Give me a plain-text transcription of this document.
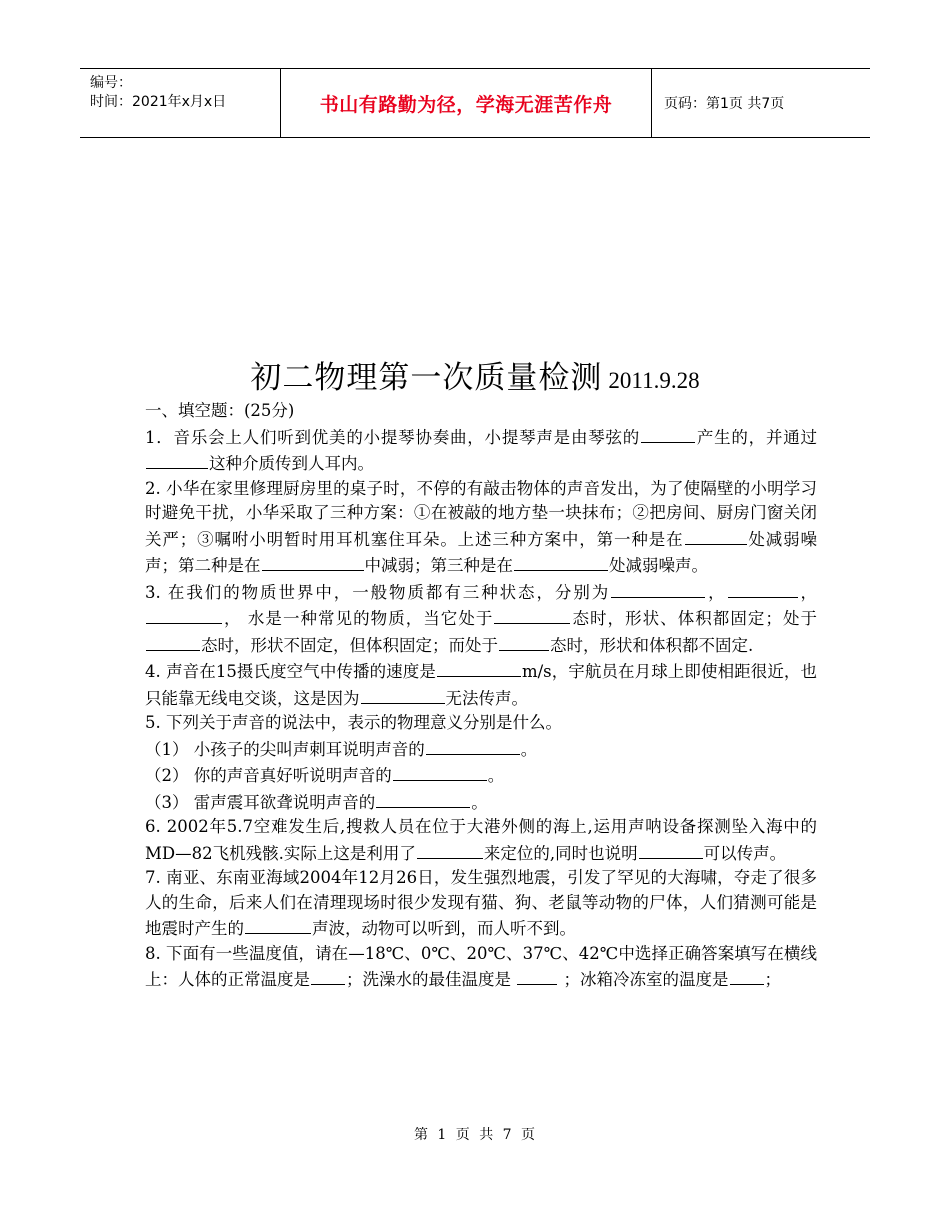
编号：
时间：2021年x月x日	书山有路勤为径，学海无涯苦作舟	页码：第1页 共7页
初二物理第一次质量检测 2011.9.28

一、填空题：(25分)

1．音乐会上人们听到优美的小提琴协奏曲，小提琴声是由琴弦的	产生的，并通过这种介质传到人耳内。

2. 小华在家里修理厨房里的桌子时，不停的有敲击物体的声音发出，为了使隔壁的小明学习时避免干扰，小华采取了三种方案：①在被敲的地方垫一块抹布；②把房间、厨房门窗关闭关严；③嘱咐小明暂时用耳机塞住耳朵。上述三种方案中，第一种是在	处减弱噪声；第二种是在	中减弱；第三种是在	处减弱噪声。

3. 在我们的物质世界中，一般物质都有三种状态，分别为	，	，， 水是一种常见的物质，当它处于	态时，形状、体积都固定；处于态时，形状不固定，但体积固定；而处于	态时，形状和体积都不固定.

4. 声音在15摄氏度空气中传播的速度是	m/s，宇航员在月球上即使相距很近，也只能靠无线电交谈，这是因为	无法传声。

5. 下列关于声音的说法中，表示的物理意义分别是什么。

（1） 小孩子的尖叫声刺耳说明声音的	。

（2） 你的声音真好听说明声音的	。

（3） 雷声震耳欲聋说明声音的	。

6. 2002年5.7空难发生后,搜救人员在位于大港外侧的海上,运用声呐设备探测坠入海中的MD—82飞机残骸.实际上这是利用了	来定位的,同时也说明	可以传声。

7. 南亚、东南亚海域2004年12月26日，发生强烈地震，引发了罕见的大海啸，夺走了很多人的生命，后来人们在清理现场时很少发现有猫、狗、老鼠等动物的尸体，人们猜测可能是地震时产生的	声波，动物可以听到，而人听不到。

8. 下面有一些温度值，请在—18℃、0℃、20℃、37℃、42℃中选择正确答案填写在横线上：人体的正常温度是 ；洗澡水的最佳温度是	；冰箱冷冻室的温度是 ；

第 1 页 共 7 页
